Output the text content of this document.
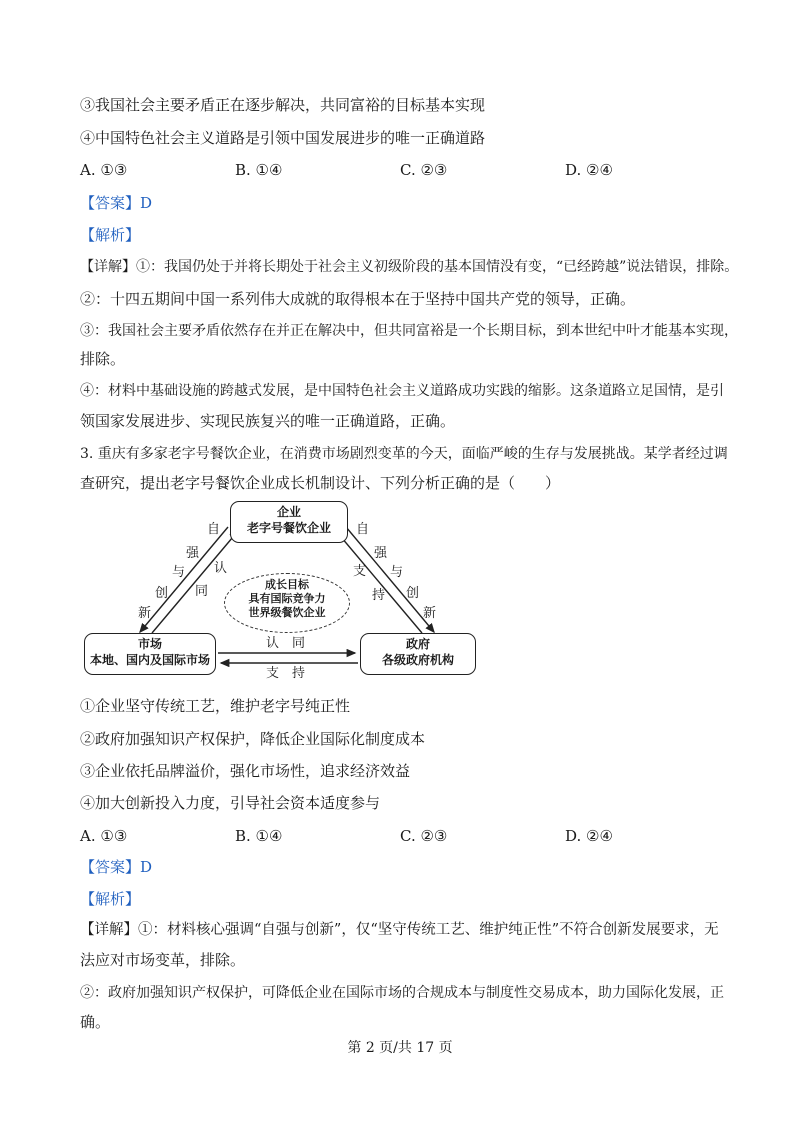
③我国社会主要矛盾正在逐步解决，共同富裕的目标基本实现
④中国特色社会主义道路是引领中国发展进步的唯一正确道路
A. ①③	B. ①④	C. ②③	D. ②④
【答案】D
【解析】
【详解】①：我国仍处于并将长期处于社会主义初级阶段的基本国情没有变，“已经跨越”说法错误，排除。
②：十四五期间中国一系列伟大成就的取得根本在于坚持中国共产党的领导，正确。
③：我国社会主要矛盾依然存在并正在解决中，但共同富裕是一个长期目标，到本世纪中叶才能基本实现，
排除。
④：材料中基础设施的跨越式发展，是中国特色社会主义道路成功实践的缩影。这条道路立足国情，是引
领国家发展进步、实现民族复兴的唯一正确道路，正确。
3. 重庆有多家老字号餐饮企业，在消费市场剧烈变革的今天，面临严峻的生存与发展挑战。某学者经过调
查研究，提出老字号餐饮企业成长机制设计、下列分析正确的是（　　）
企业
老字号餐饮企业
市场
本地、国内及国际市场
政府
各级政府机构
成长目标
具有国际竞争力
世界级餐饮企业
自
强
与
创
新
认
同
自
强
与
创
新
支
持
认　同
支　持
①企业坚守传统工艺，维护老字号纯正性
②政府加强知识产权保护，降低企业国际化制度成本
③企业依托品牌溢价，强化市场性，追求经济效益
④加大创新投入力度，引导社会资本适度参与
A. ①③	B. ①④	C. ②③	D. ②④
【答案】D
【解析】
【详解】①：材料核心强调“自强与创新”，仅“坚守传统工艺、维护纯正性”不符合创新发展要求，无
法应对市场变革，排除。
②：政府加强知识产权保护，可降低企业在国际市场的合规成本与制度性交易成本，助力国际化发展，正
确。
第 2 页/共 17 页
